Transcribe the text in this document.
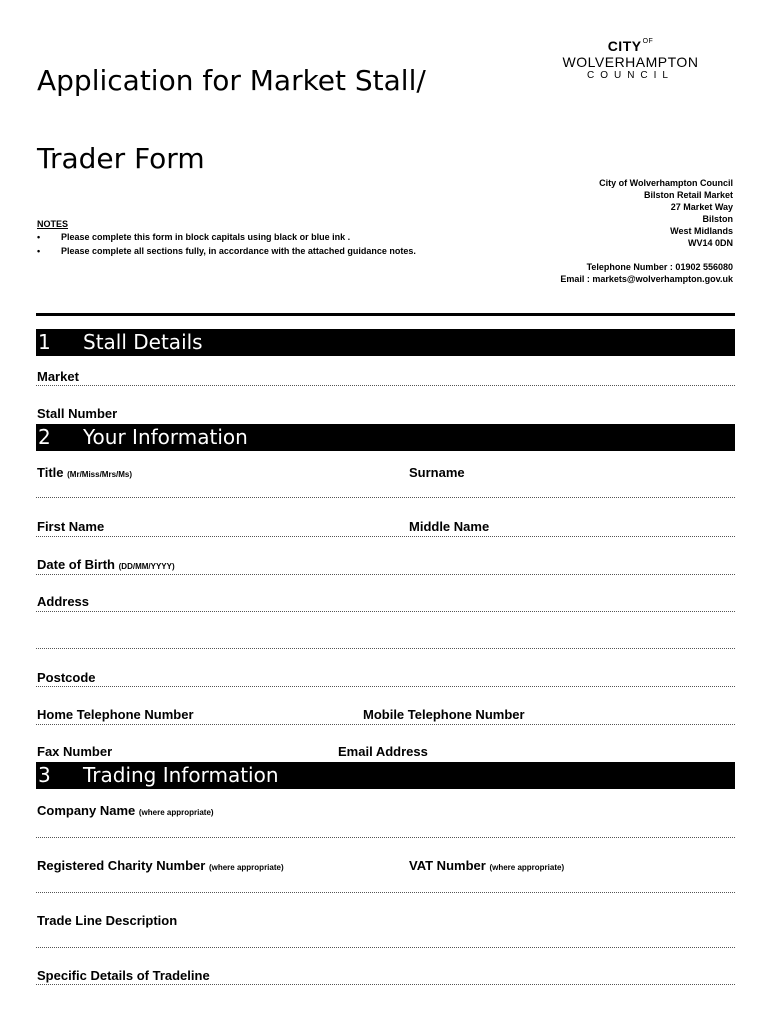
Application for Market Stall/
Trader Form
$CITY^{OF}$
WOLVERHAMPTON
COUNCIL
City of Wolverhampton Council
Bilston Retail Market
27 Market Way
Bilston
West Midlands
WV14 0DN
Telephone Number : 01902 556080
Email : markets@wolverhampton.gov.uk
NOTES
• Please complete this form in block capitals using black or blue ink .
• Please complete all sections fully, in accordance with the attached guidance notes.
1 Stall Details
Market
Stall Number
2 Your Information
Title (Mr/Miss/Mrs/Ms)	Surname
First Name	Middle Name
Date of Birth (DD/MM/YYYY)
Address
Postcode
Home Telephone Number	Mobile Telephone Number
Fax Number	Email Address
3 Trading Information
Company Name (where appropriate)
Registered Charity Number (where appropriate)	VAT Number (where appropriate)
Trade Line Description
Specific Details of Tradeline
